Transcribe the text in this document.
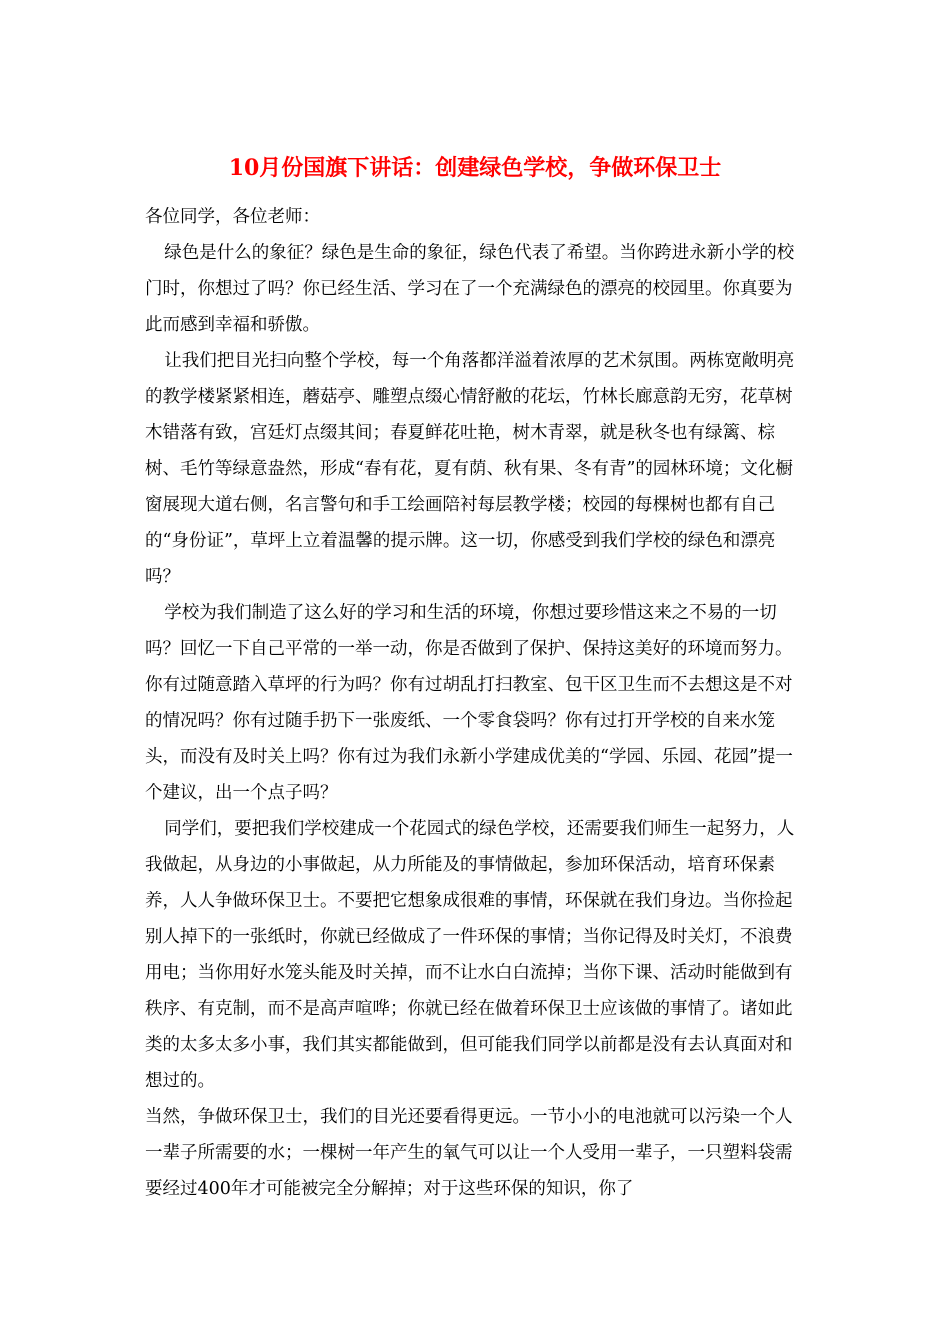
10月份国旗下讲话：创建绿色学校，争做环保卫士

各位同学，各位老师：

绿色是什么的象征？绿色是生命的象征，绿色代表了希望。当你跨进永新小学的校门时，你想过了吗？你已经生活、学习在了一个充满绿色的漂亮的校园里。你真要为此而感到幸福和骄傲。

让我们把目光扫向整个学校，每一个角落都洋溢着浓厚的艺术氛围。两栋宽敞明亮的教学楼紧紧相连，蘑菇亭、雕塑点缀心情舒敝的花坛，竹林长廊意韵无穷，花草树木错落有致，宫廷灯点缀其间；春夏鲜花吐艳，树木青翠，就是秋冬也有绿篱、棕树、毛竹等绿意盎然，形成“春有花，夏有荫、秋有果、冬有青”的园林环境；文化橱窗展现大道右侧，名言警句和手工绘画陪衬每层教学楼；校园的每棵树也都有自己的“身份证”，草坪上立着温馨的提示牌。这一切，你感受到我们学校的绿色和漂亮吗？

学校为我们制造了这么好的学习和生活的环境，你想过要珍惜这来之不易的一切吗？回忆一下自己平常的一举一动，你是否做到了保护、保持这美好的环境而努力。你有过随意踏入草坪的行为吗？你有过胡乱打扫教室、包干区卫生而不去想这是不对的情况吗？你有过随手扔下一张废纸、一个零食袋吗？你有过打开学校的自来水笼头，而没有及时关上吗？你有过为我们永新小学建成优美的“学园、乐园、花园”提一个建议，出一个点子吗？

同学们，要把我们学校建成一个花园式的绿色学校，还需要我们师生一起努力，人我做起，从身边的小事做起，从力所能及的事情做起，参加环保活动，培育环保素养，人人争做环保卫士。不要把它想象成很难的事情，环保就在我们身边。当你捡起别人掉下的一张纸时，你就已经做成了一件环保的事情；当你记得及时关灯，不浪费用电；当你用好水笼头能及时关掉，而不让水白白流掉；当你下课、活动时能做到有秩序、有克制，而不是高声喧哗；你就已经在做着环保卫士应该做的事情了。诸如此类的太多太多小事，我们其实都能做到，但可能我们同学以前都是没有去认真面对和想过的。

当然，争做环保卫士，我们的目光还要看得更远。一节小小的电池就可以污染一个人一辈子所需要的水；一棵树一年产生的氧气可以让一个人受用一辈子，一只塑料袋需要经过400年才可能被完全分解掉；对于这些环保的知识，你了
